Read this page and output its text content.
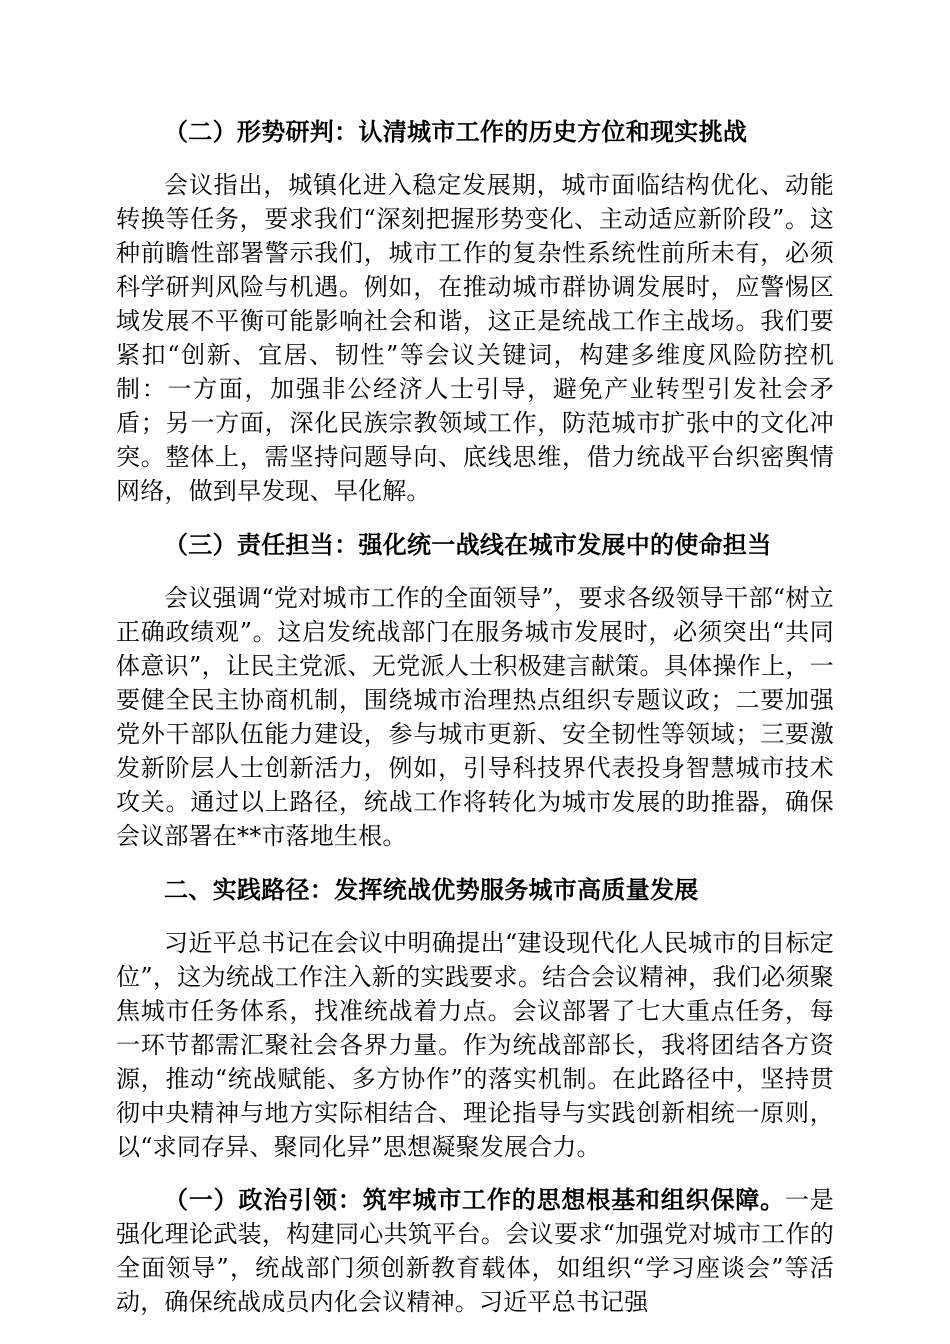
（二）形势研判：认清城市工作的历史方位和现实挑战
会议指出，城镇化进入稳定发展期，城市面临结构优化、动能转换等任务，要求我们“深刻把握形势变化、主动适应新阶段”。这种前瞻性部署警示我们，城市工作的复杂性系统性前所未有，必须科学研判风险与机遇。例如，在推动城市群协调发展时，应警惕区域发展不平衡可能影响社会和谐，这正是统战工作主战场。我们要紧扣“创新、宜居、韧性”等会议关键词，构建多维度风险防控机制：一方面，加强非公经济人士引导，避免产业转型引发社会矛盾；另一方面，深化民族宗教领域工作，防范城市扩张中的文化冲突。整体上，需坚持问题导向、底线思维，借力统战平台织密舆情网络，做到早发现、早化解。
（三）责任担当：强化统一战线在城市发展中的使命担当
会议强调“党对城市工作的全面领导”，要求各级领导干部“树立正确政绩观”。这启发统战部门在服务城市发展时，必须突出“共同体意识”，让民主党派、无党派人士积极建言献策。具体操作上，一要健全民主协商机制，围绕城市治理热点组织专题议政；二要加强党外干部队伍能力建设，参与城市更新、安全韧性等领域；三要激发新阶层人士创新活力，例如，引导科技界代表投身智慧城市技术攻关。通过以上路径，统战工作将转化为城市发展的助推器，确保会议部署在**市落地生根。
二、实践路径：发挥统战优势服务城市高质量发展
习近平总书记在会议中明确提出“建设现代化人民城市的目标定位”，这为统战工作注入新的实践要求。结合会议精神，我们必须聚焦城市任务体系，找准统战着力点。会议部署了七大重点任务，每一环节都需汇聚社会各界力量。作为统战部部长，我将团结各方资源，推动“统战赋能、多方协作”的落实机制。在此路径中，坚持贯彻中央精神与地方实际相结合、理论指导与实践创新相统一原则，以“求同存异、聚同化异”思想凝聚发展合力。
（一）政治引领：筑牢城市工作的思想根基和组织保障。一是强化理论武装，构建同心共筑平台。会议要求“加强党对城市工作的全面领导”，统战部门须创新教育载体，如组织“学习座谈会”等活动，确保统战成员内化会议精神。习近平总书记强
